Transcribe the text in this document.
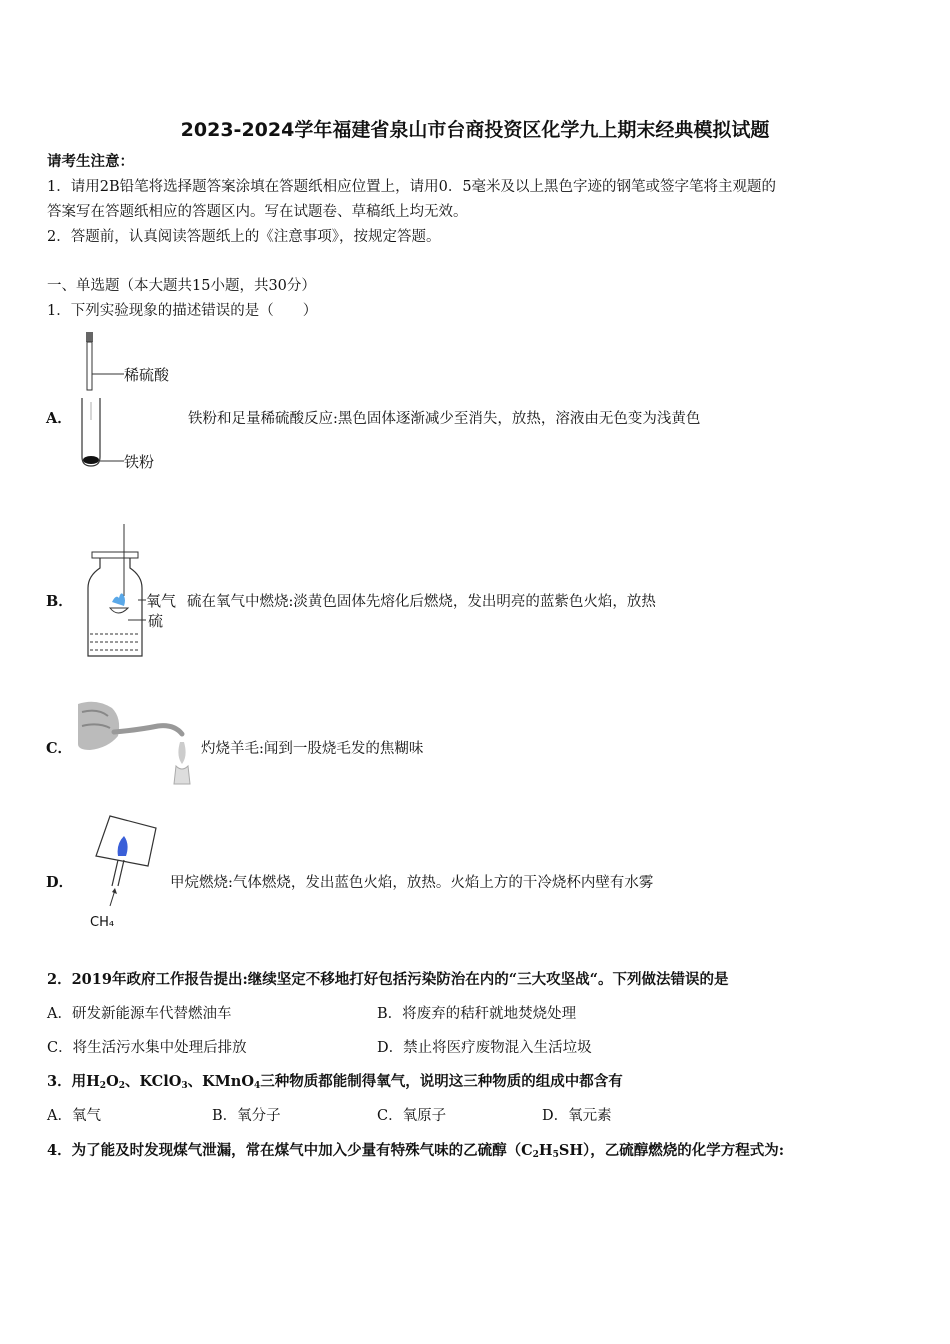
2023-2024学年福建省泉山市台商投资区化学九上期末经典模拟试题
请考生注意：
1．请用2B铅笔将选择题答案涂填在答题纸相应位置上，请用0．5毫米及以上黑色字迹的钢笔或签字笔将主观题的
答案写在答题纸相应的答题区内。写在试题卷、草稿纸上均无效。
2．答题前，认真阅读答题纸上的《注意事项》，按规定答题。
一、单选题（本大题共15小题，共30分）
1．下列实验现象的描述错误的是（　　）
稀硫酸
铁粉
A．	铁粉和足量稀硫酸反应:黑色固体逐渐减少至消失，放热，溶液由无色变为浅黄色
氧气
硫
B．	硫在氧气中燃烧:淡黄色固体先熔化后燃烧，发出明亮的蓝紫色火焰，放热
C．	灼烧羊毛:闻到一股烧毛发的焦糊味
CH₄
D．	甲烷燃烧:气体燃烧，发出蓝色火焰，放热。火焰上方的干冷烧杯内壁有水雾
2．2019年政府工作报告提出:继续坚定不移地打好包括污染防治在内的“三大攻坚战“。下列做法错误的是
A．研发新能源车代替燃油车	B．将废弃的秸秆就地焚烧处理
C．将生活污水集中处理后排放	D．禁止将医疗废物混入生活垃圾
3．用$H_2O_2$、KClO$_3$、KMnO$_4$三种物质都能制得氧气，说明这三种物质的组成中都含有
A．氧气	B．氧分子	C．氧原子	D．氧元素
4．为了能及时发现煤气泄漏，常在煤气中加入少量有特殊气味的乙硫醇$(C_2H_5SH)$，乙硫醇燃烧的化学方程式为:
